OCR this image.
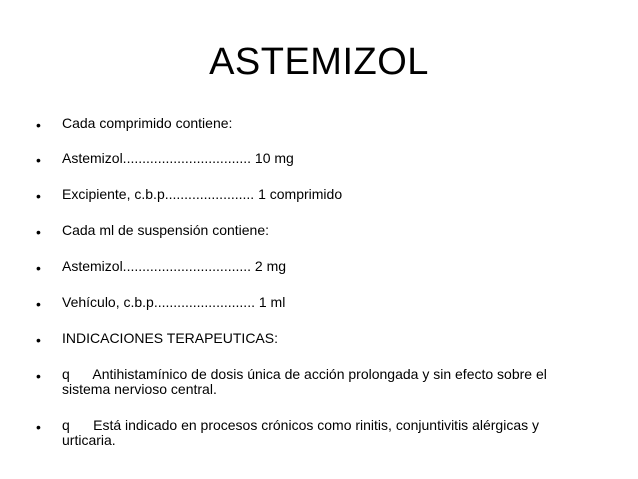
ASTEMIZOL
• Cada comprimido contiene:
• Astemizol................................. 10 mg
• Excipiente, c.b.p....................... 1 comprimido
• Cada ml de suspensión contiene:
• Astemizol................................. 2 mg
• Vehículo, c.b.p.......................... 1 ml
• INDICACIONES TERAPEUTICAS:
• q      Antihistamínico de dosis única de acción prolongada y sin efecto sobre el sistema nervioso central.
• q      Está indicado en procesos crónicos como rinitis, conjuntivitis alérgicas y urticaria.
